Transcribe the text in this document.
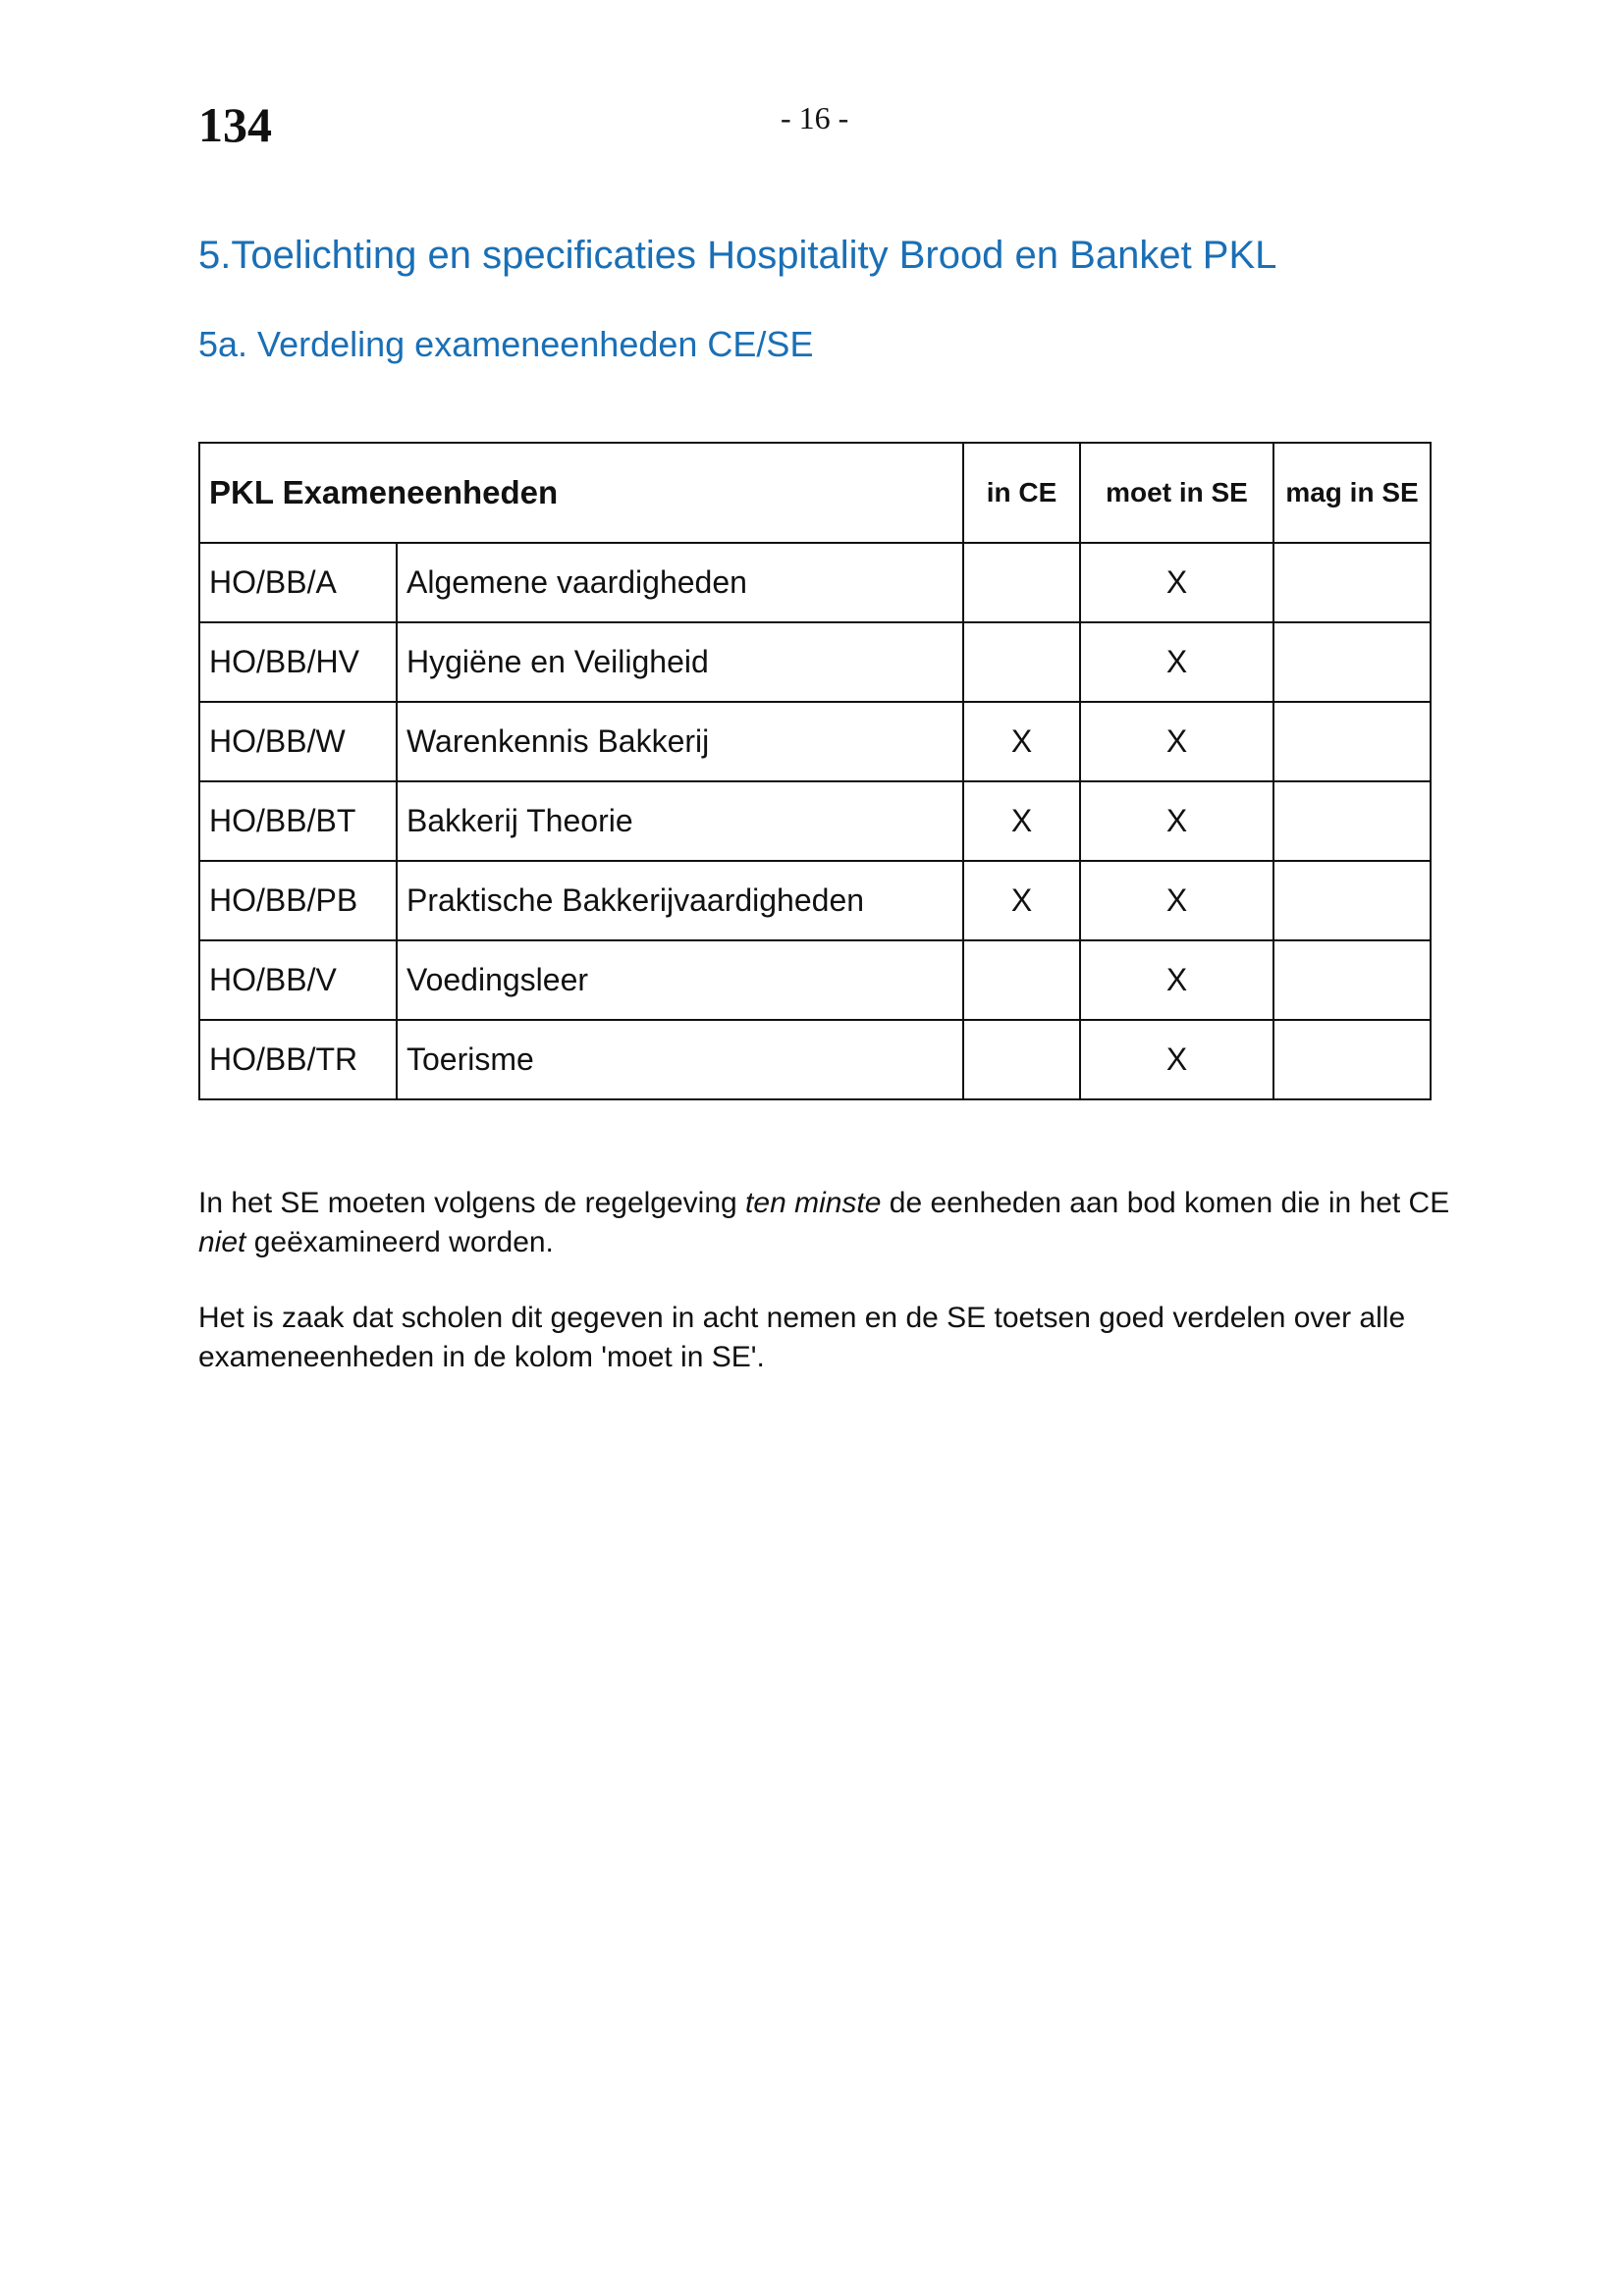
134	- 16 -
5.Toelichting en specificaties Hospitality Brood en Banket PKL
5a. Verdeling exameneenheden CE/SE
PKL Exameneenheden		in CE	moet in SE	mag in SE
HO/BB/A	Algemene vaardigheden		X	
HO/BB/HV	Hygiëne en Veiligheid		X	
HO/BB/W	Warenkennis Bakkerij	X	X	
HO/BB/BT	Bakkerij Theorie	X	X	
HO/BB/PB	Praktische Bakkerijvaardigheden	X	X	
HO/BB/V	Voedingsleer		X	
HO/BB/TR	Toerisme		X	

In het SE moeten volgens de regelgeving ten minste de eenheden aan bod komen die in het CE niet geëxamineerd worden.

Het is zaak dat scholen dit gegeven in acht nemen en de SE toetsen goed verdelen over alle exameneenheden in de kolom 'moet in SE'.
